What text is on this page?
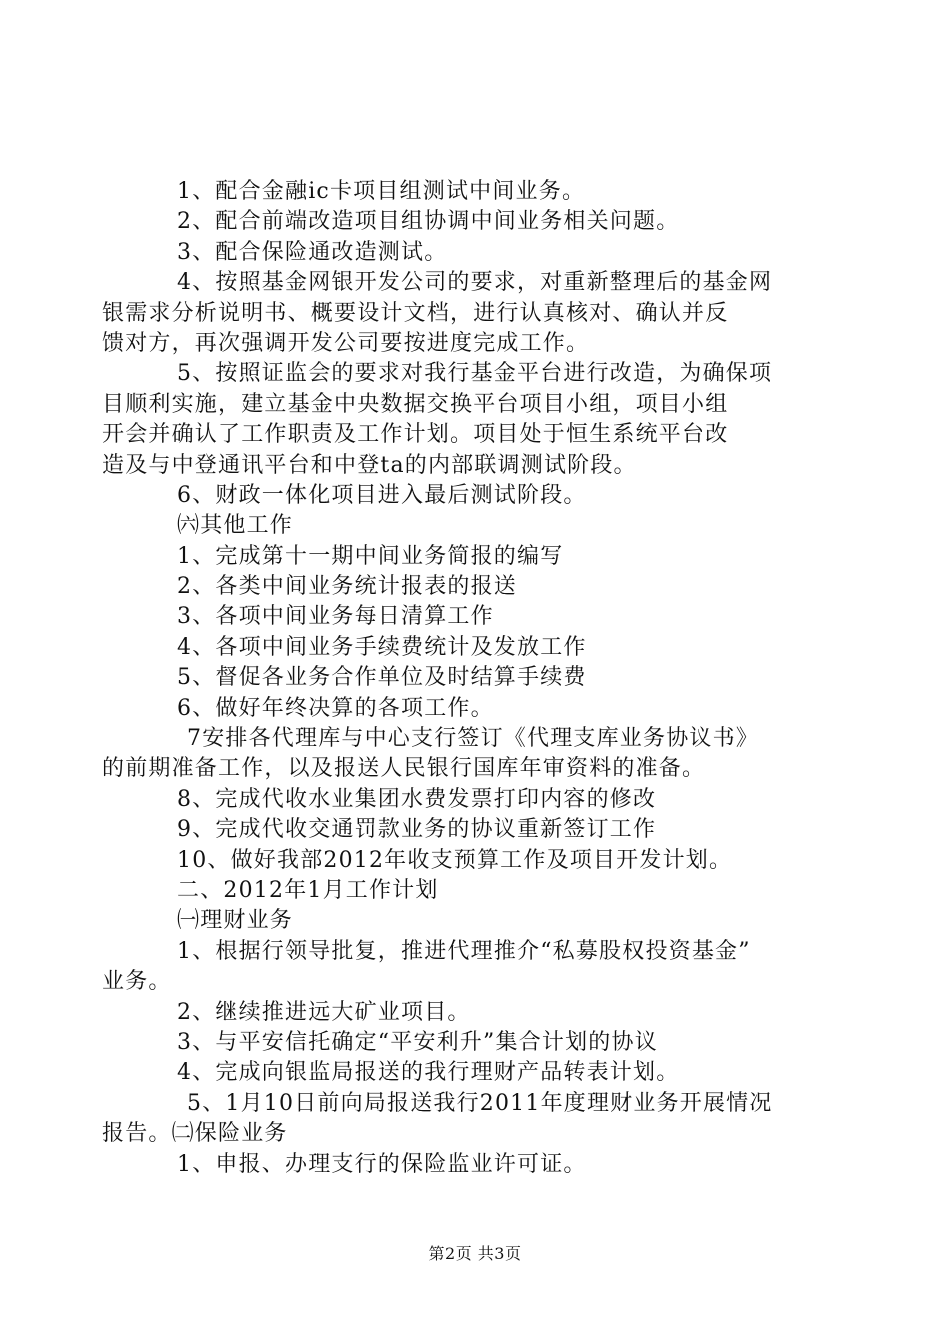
1、配合金融ic卡项目组测试中间业务。
2、配合前端改造项目组协调中间业务相关问题。
3、配合保险通改造测试。
4、按照基金网银开发公司的要求，对重新整理后的基金网
银需求分析说明书、概要设计文档，进行认真核对、确认并反
馈对方，再次强调开发公司要按进度完成工作。
5、按照证监会的要求对我行基金平台进行改造，为确保项
目顺利实施，建立基金中央数据交换平台项目小组，项目小组
开会并确认了工作职责及工作计划。项目处于恒生系统平台改
造及与中登通讯平台和中登ta的内部联调测试阶段。
6、财政一体化项目进入最后测试阶段。
㈥其他工作
1、完成第十一期中间业务简报的编写
2、各类中间业务统计报表的报送
3、各项中间业务每日清算工作
4、各项中间业务手续费统计及发放工作
5、督促各业务合作单位及时结算手续费
6、做好年终决算的各项工作。
7安排各代理库与中心支行签订《代理支库业务协议书》
的前期准备工作，以及报送人民银行国库年审资料的准备。
8、完成代收水业集团水费发票打印内容的修改
9、完成代收交通罚款业务的协议重新签订工作
10、做好我部2012年收支预算工作及项目开发计划。
二、2012年1月工作计划
㈠理财业务
1、根据行领导批复，推进代理推介“私募股权投资基金”
业务。
2、继续推进远大矿业项目。
3、与平安信托确定“平安利升”集合计划的协议
4、完成向银监局报送的我行理财产品转表计划。
5、1月10日前向局报送我行2011年度理财业务开展情况
报告。㈡保险业务
1、申报、办理支行的保险监业许可证。
第2页 共3页
